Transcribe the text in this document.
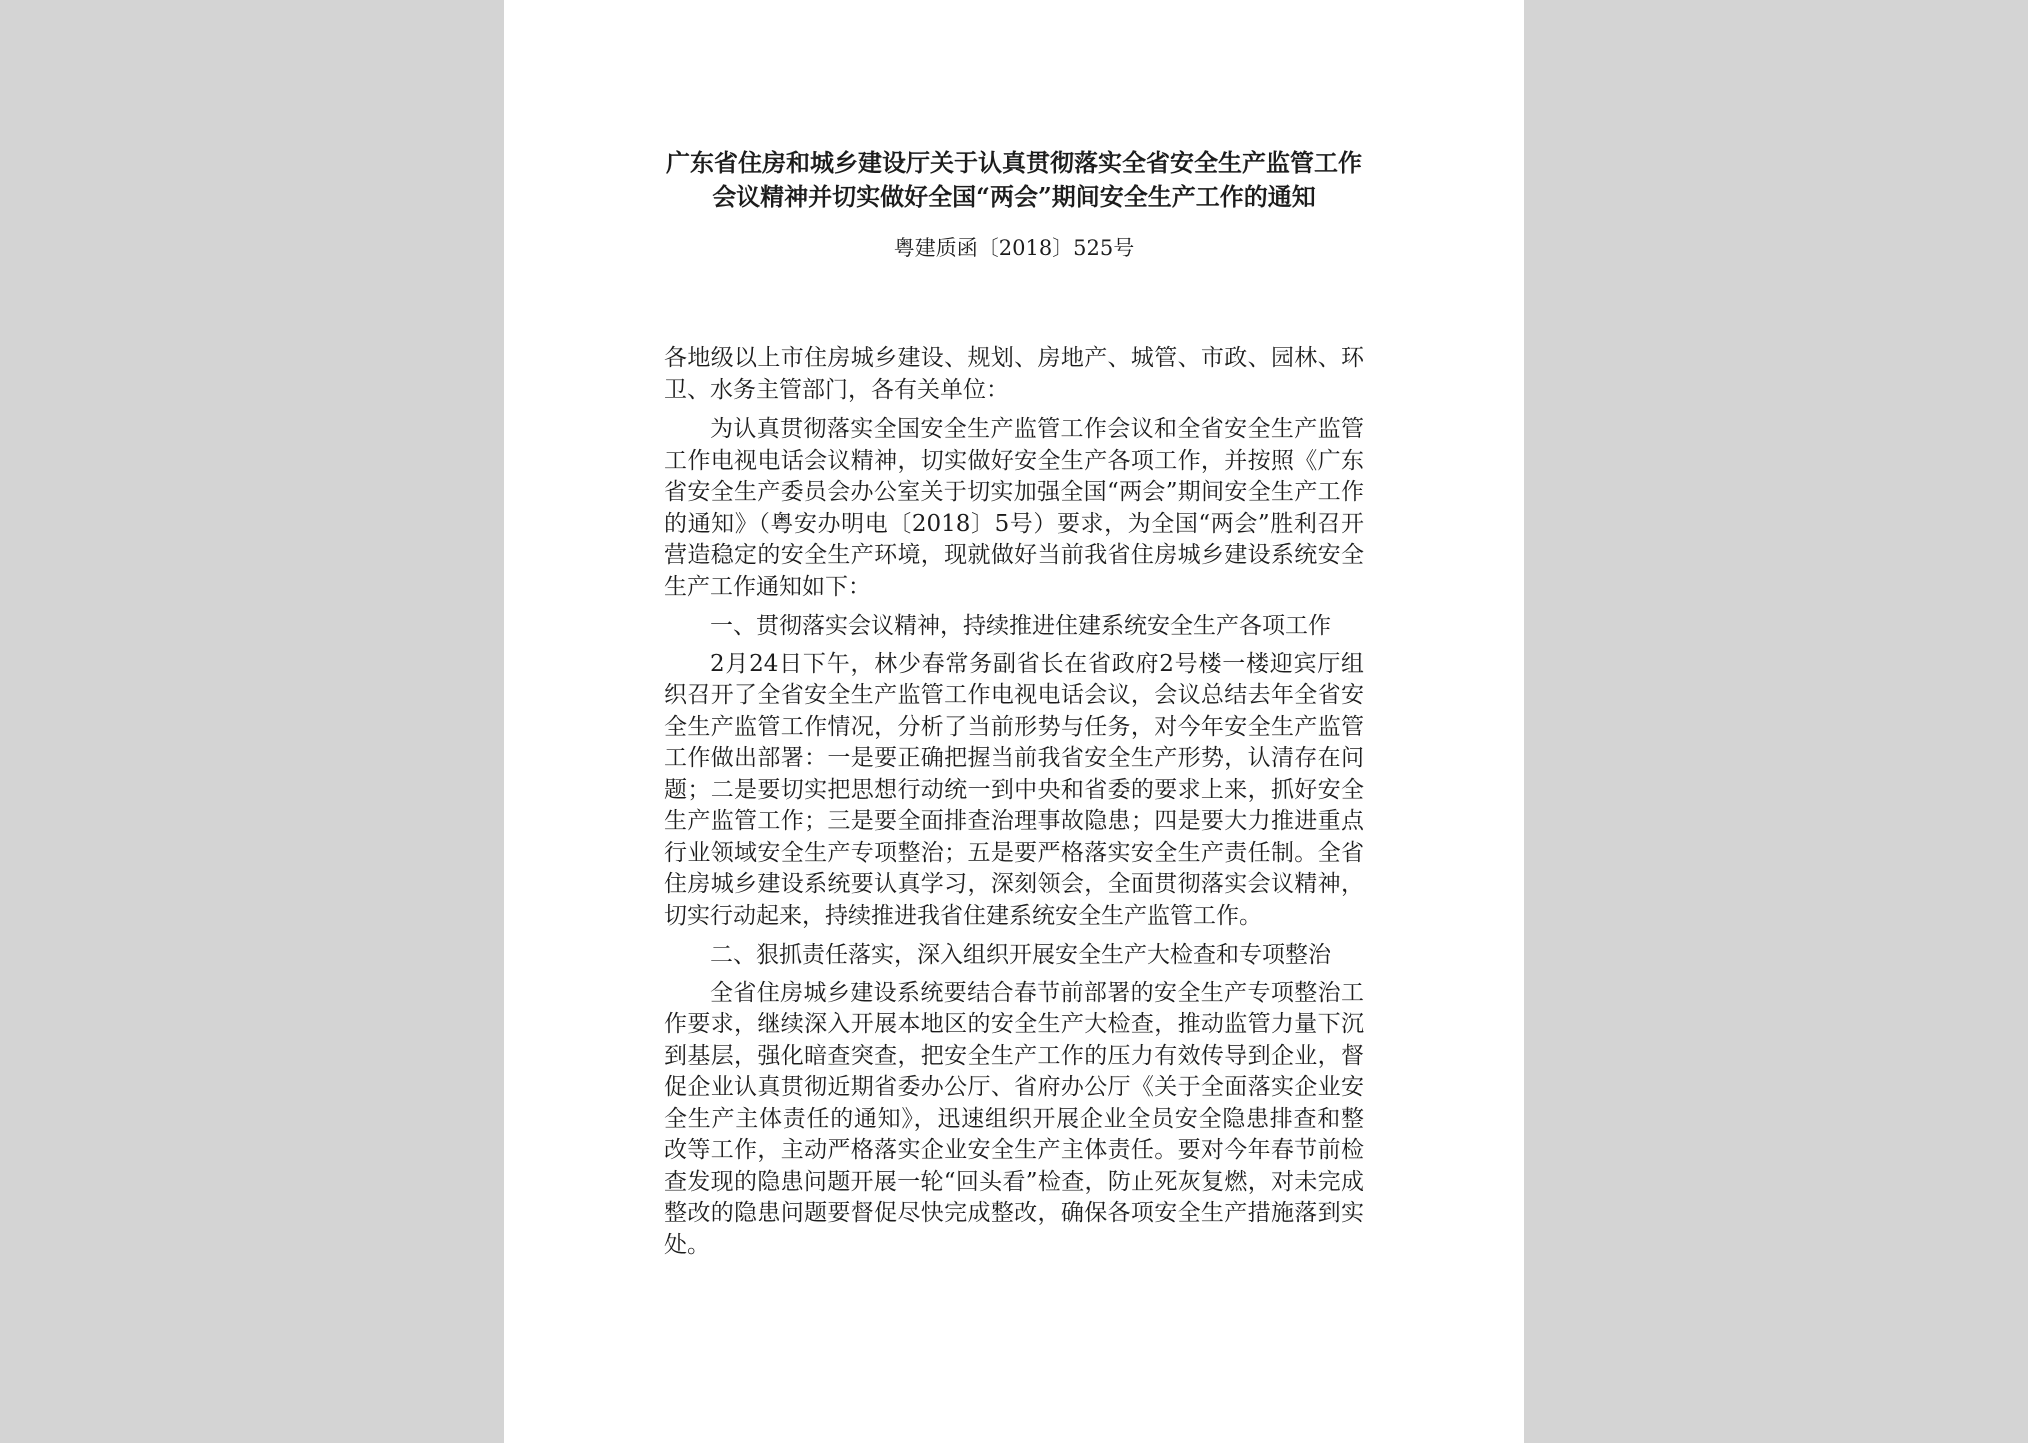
广东省住房和城乡建设厅关于认真贯彻落实全省安全生产监管工作
会议精神并切实做好全国“两会”期间安全生产工作的通知
粤建质函〔2018〕525号

各地级以上市住房城乡建设、规划、房地产、城管、市政、园林、环卫、水务主管部门，各有关单位：

为认真贯彻落实全国安全生产监管工作会议和全省安全生产监管工作电视电话会议精神，切实做好安全生产各项工作，并按照《广东省安全生产委员会办公室关于切实加强全国“两会”期间安全生产工作的通知》（粤安办明电〔2018〕5号）要求，为全国“两会”胜利召开营造稳定的安全生产环境，现就做好当前我省住房城乡建设系统安全生产工作通知如下：

一、贯彻落实会议精神，持续推进住建系统安全生产各项工作

2月24日下午，林少春常务副省长在省政府2号楼一楼迎宾厅组织召开了全省安全生产监管工作电视电话会议，会议总结去年全省安全生产监管工作情况，分析了当前形势与任务，对今年安全生产监管工作做出部署：一是要正确把握当前我省安全生产形势，认清存在问题；二是要切实把思想行动统一到中央和省委的要求上来，抓好安全生产监管工作；三是要全面排查治理事故隐患；四是要大力推进重点行业领域安全生产专项整治；五是要严格落实安全生产责任制。全省住房城乡建设系统要认真学习，深刻领会，全面贯彻落实会议精神，切实行动起来，持续推进我省住建系统安全生产监管工作。

二、狠抓责任落实，深入组织开展安全生产大检查和专项整治

全省住房城乡建设系统要结合春节前部署的安全生产专项整治工作要求，继续深入开展本地区的安全生产大检查，推动监管力量下沉到基层，强化暗查突查，把安全生产工作的压力有效传导到企业，督促企业认真贯彻近期省委办公厅、省府办公厅《关于全面落实企业安全生产主体责任的通知》，迅速组织开展企业全员安全隐患排查和整改等工作，主动严格落实企业安全生产主体责任。要对今年春节前检查发现的隐患问题开展一轮“回头看”检查，防止死灰复燃，对未完成整改的隐患问题要督促尽快完成整改，确保各项安全生产措施落到实处。
